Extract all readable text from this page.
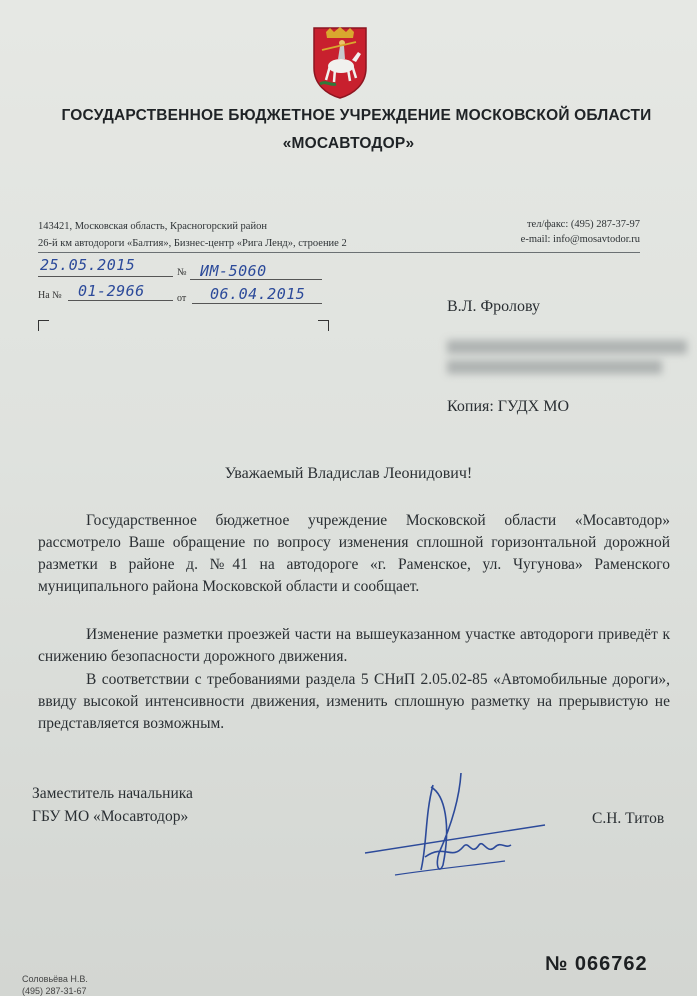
ГОСУДАРСТВЕННОЕ БЮДЖЕТНОЕ УЧРЕЖДЕНИЕ МОСКОВСКОЙ ОБЛАСТИ
«МОСАВТОДОР»
143421, Московская область, Красногорский район
26-й км автодороги «Балтия», Бизнес-центр «Рига Ленд», строение 2
тел/факс: (495) 287-37-97
e-mail: info@mosavtodor.ru
25.05.2015	№ ИМ-5060
На № 01-2966	от 06.04.2015
В.Л. Фролову
Копия: ГУДХ МО
Уважаемый Владислав Леонидович!
Государственное бюджетное учреждение Московской области «Мосавтодор» рассмотрело Ваше обращение по вопросу изменения сплошной горизонтальной дорожной разметки в районе д. №41 на автодороге «г. Раменское, ул. Чугунова» Раменского муниципального района Московской области и сообщает.
Изменение разметки проезжей части на вышеуказанном участке автодороги приведёт к снижению безопасности дорожного движения.
В соответствии с требованиями раздела 5 СНиП 2.05.02-85 «Автомобильные дороги», ввиду высокой интенсивности движения, изменить сплошную разметку на прерывистую не представляется возможным.
Заместитель начальника
ГБУ МО «Мосавтодор»	С.Н. Титов
№ 066762
Соловьёва Н.В.
(495) 287-31-67
